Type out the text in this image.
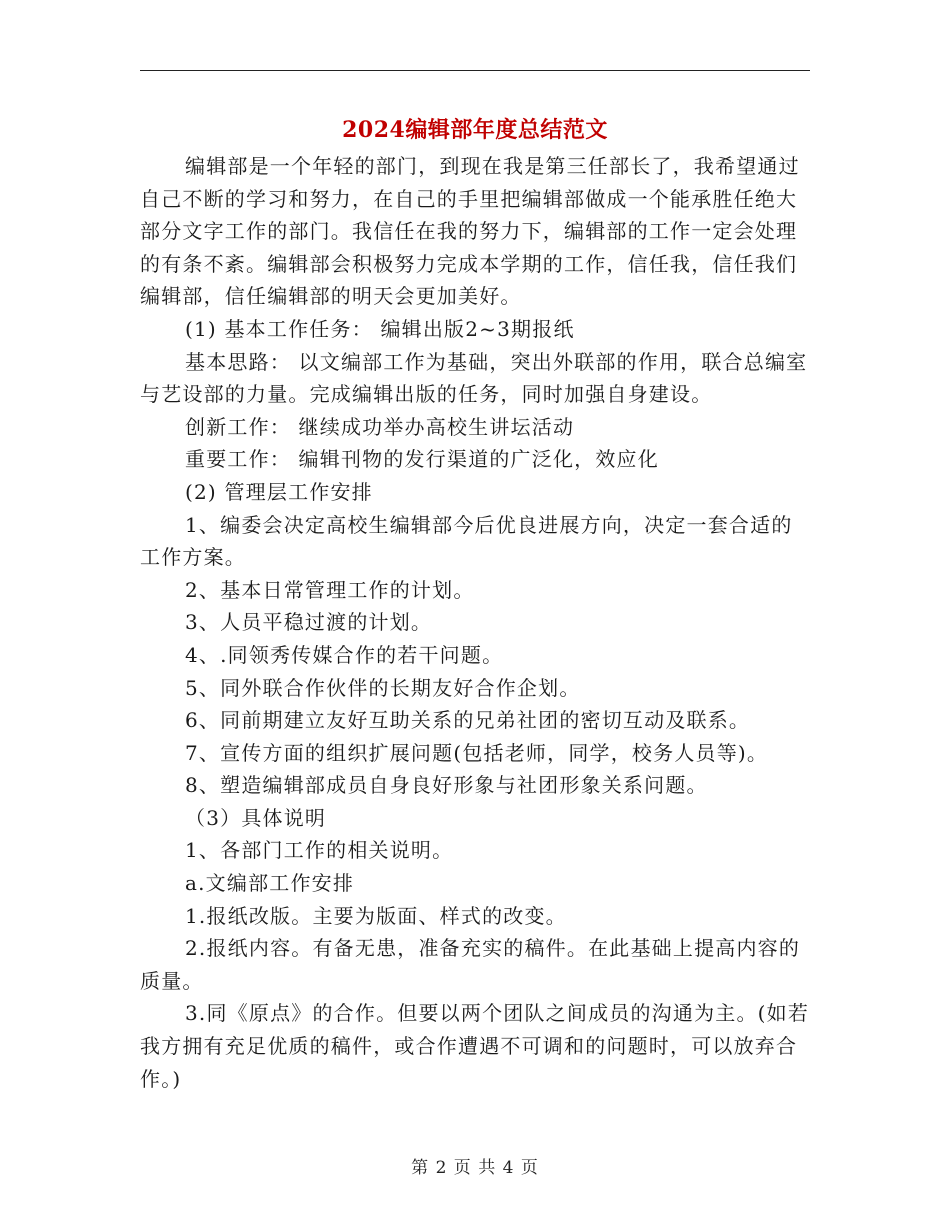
2024编辑部年度总结范文

编辑部是一个年轻的部门，到现在我是第三任部长了，我希望通过自己不断的学习和努力，在自己的手里把编辑部做成一个能承胜任绝大部分文字工作的部门。我信任在我的努力下，编辑部的工作一定会处理的有条不紊。编辑部会积极努力完成本学期的工作，信任我，信任我们编辑部，信任编辑部的明天会更加美好。

(1) 基本工作任务： 编辑出版2~3期报纸

基本思路： 以文编部工作为基础，突出外联部的作用，联合总编室与艺设部的力量。完成编辑出版的任务，同时加强自身建设。

创新工作： 继续成功举办高校生讲坛活动

重要工作： 编辑刊物的发行渠道的广泛化，效应化

(2) 管理层工作安排

1、编委会决定高校生编辑部今后优良进展方向，决定一套合适的工作方案。

2、基本日常管理工作的计划。

3、人员平稳过渡的计划。

4、.同领秀传媒合作的若干问题。

5、同外联合作伙伴的长期友好合作企划。

6、同前期建立友好互助关系的兄弟社团的密切互动及联系。

7、宣传方面的组织扩展问题(包括老师，同学，校务人员等)。

8、塑造编辑部成员自身良好形象与社团形象关系问题。

（3）具体说明

1、各部门工作的相关说明。

a.文编部工作安排

1.报纸改版。主要为版面、样式的改变。

2.报纸内容。有备无患，准备充实的稿件。在此基础上提高内容的质量。

3.同《原点》的合作。但要以两个团队之间成员的沟通为主。(如若我方拥有充足优质的稿件，或合作遭遇不可调和的问题时，可以放弃合作。)

第 2 页 共 4 页
